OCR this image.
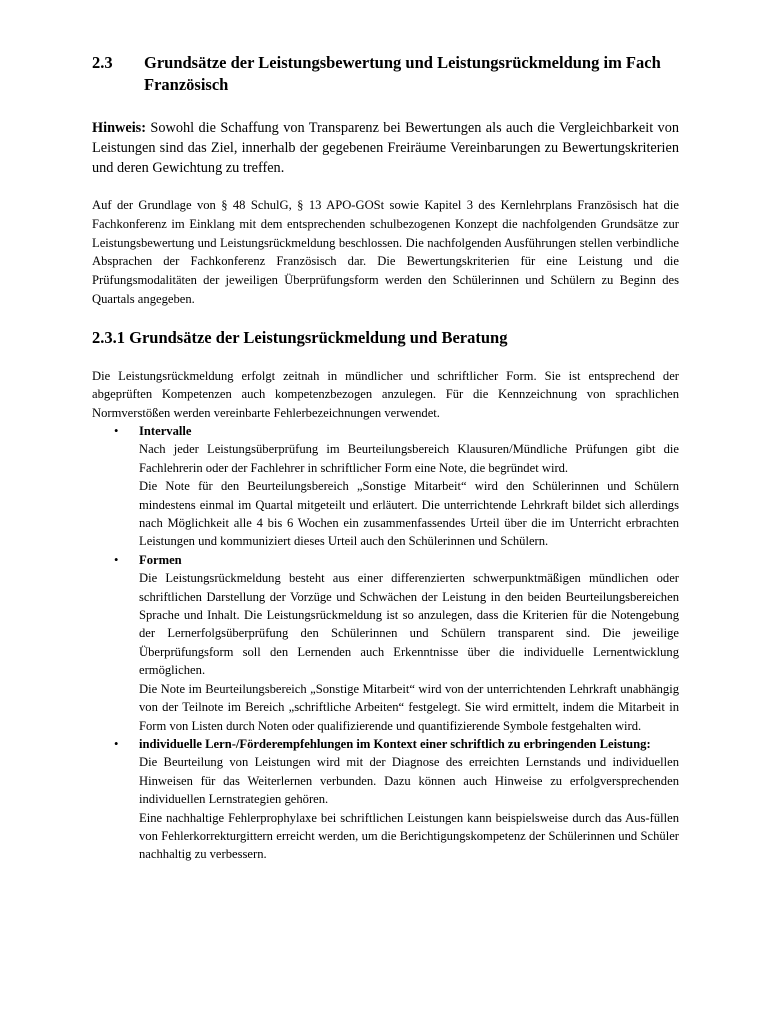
2.3	Grundsätze der Leistungsbewertung und Leistungsrückmeldung im Fach Französisch

Hinweis: Sowohl die Schaffung von Transparenz bei Bewertungen als auch die Vergleichbarkeit von Leistungen sind das Ziel, innerhalb der gegebenen Freiräume Vereinbarungen zu Bewertungskriterien und deren Gewichtung zu treffen.

Auf der Grundlage von § 48 SchulG, § 13 APO-GOSt sowie Kapitel 3 des Kernlehrplans Französisch hat die Fachkonferenz im Einklang mit dem entsprechenden schulbezogenen Konzept die nachfolgenden Grundsätze zur Leistungsbewertung und Leistungsrückmeldung beschlossen. Die nachfolgenden Ausführungen stellen verbindliche Absprachen der Fachkonferenz Französisch dar. Die Bewertungskriterien für eine Leistung und die Prüfungsmodalitäten der jeweiligen Überprüfungsform werden den Schülerinnen und Schülern zu Beginn des Quartals angegeben.

2.3.1 Grundsätze der Leistungsrückmeldung und Beratung

Die Leistungsrückmeldung erfolgt zeitnah in mündlicher und schriftlicher Form. Sie ist entsprechend der abgeprüften Kompetenzen auch kompetenzbezogen anzulegen. Für die Kennzeichnung von sprachlichen Normverstößen werden vereinbarte Fehlerbezeichnungen verwendet.

• Intervalle

Nach jeder Leistungsüberprüfung im Beurteilungsbereich Klausuren/Mündliche Prüfungen gibt die Fachlehrerin oder der Fachlehrer in schriftlicher Form eine Note, die begründet wird.

Die Note für den Beurteilungsbereich „Sonstige Mitarbeit“ wird den Schülerinnen und Schülern mindestens einmal im Quartal mitgeteilt und erläutert. Die unterrichtende Lehrkraft bildet sich allerdings nach Möglichkeit alle 4 bis 6 Wochen ein zusammenfassendes Urteil über die im Unterricht erbrachten Leistungen und kommuniziert dieses Urteil auch den Schülerinnen und Schülern.

• Formen

Die Leistungsrückmeldung besteht aus einer differenzierten schwerpunktmäßigen mündlichen oder schriftlichen Darstellung der Vorzüge und Schwächen der Leistung in den beiden Beurteilungsbereichen Sprache und Inhalt. Die Leistungsrückmeldung ist so anzulegen, dass die Kriterien für die Notengebung der Lernerfolgsüberprüfung den Schülerinnen und Schülern transparent sind. Die jeweilige Überprüfungsform soll den Lernenden auch Erkenntnisse über die individuelle Lernentwicklung ermöglichen.

Die Note im Beurteilungsbereich „Sonstige Mitarbeit“ wird von der unterrichtenden Lehrkraft unabhängig von der Teilnote im Bereich „schriftliche Arbeiten“ festgelegt. Sie wird ermittelt, indem die Mitarbeit in Form von Listen durch Noten oder qualifizierende und quantifizierende Symbole festgehalten wird.

• individuelle Lern-/Förderempfehlungen im Kontext einer schriftlich zu erbringenden Leistung:

Die Beurteilung von Leistungen wird mit der Diagnose des erreichten Lernstands und individuellen Hinweisen für das Weiterlernen verbunden. Dazu können auch Hinweise zu erfolgversprechenden individuellen Lernstrategien gehören.

Eine nachhaltige Fehlerprophylaxe bei schriftlichen Leistungen kann beispielsweise durch das Aus-füllen von Fehlerkorrekturgittern erreicht werden, um die Berichtigungskompetenz der Schülerinnen und Schüler nachhaltig zu verbessern.
